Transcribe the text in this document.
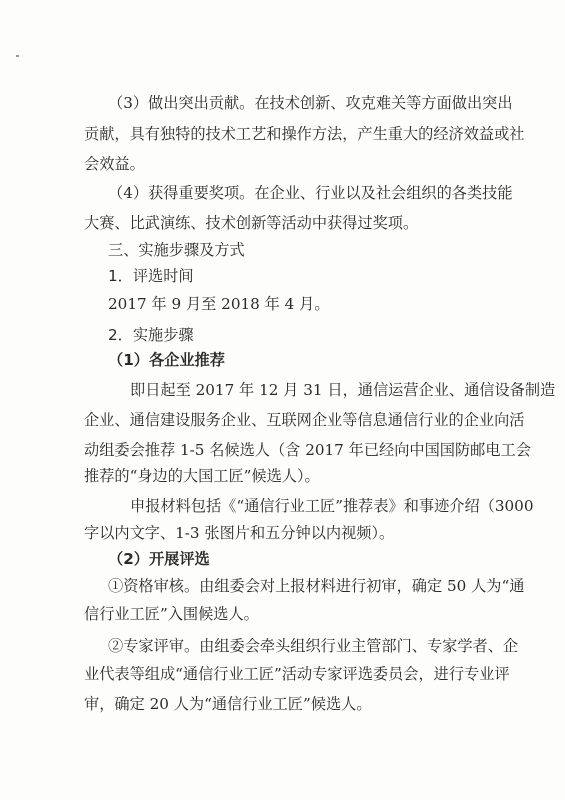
（3）做出突出贡献。在技术创新、攻克难关等方面做出突出
贡献，具有独特的技术工艺和操作方法，产生重大的经济效益或社
会效益。
（4）获得重要奖项。在企业、行业以及社会组织的各类技能
大赛、比武演练、技术创新等活动中获得过奖项。
三、实施步骤及方式
1．评选时间
2017 年 9 月至 2018 年 4 月。
2．实施步骤
（1）各企业推荐
即日起至 2017 年 12 月 31 日，通信运营企业、通信设备制造
企业、通信建设服务企业、互联网企业等信息通信行业的企业向活
动组委会推荐 1-5 名候选人（含 2017 年已经向中国国防邮电工会
推荐的“身边的大国工匠”候选人）。
申报材料包括《“通信行业工匠”推荐表》和事迹介绍（3000
字以内文字、1-3 张图片和五分钟以内视频）。
（2）开展评选
①资格审核。由组委会对上报材料进行初审，确定 50 人为“通
信行业工匠”入围候选人。
②专家评审。由组委会牵头组织行业主管部门、专家学者、企
业代表等组成“通信行业工匠”活动专家评选委员会，进行专业评
审，确定 20 人为“通信行业工匠”候选人。
